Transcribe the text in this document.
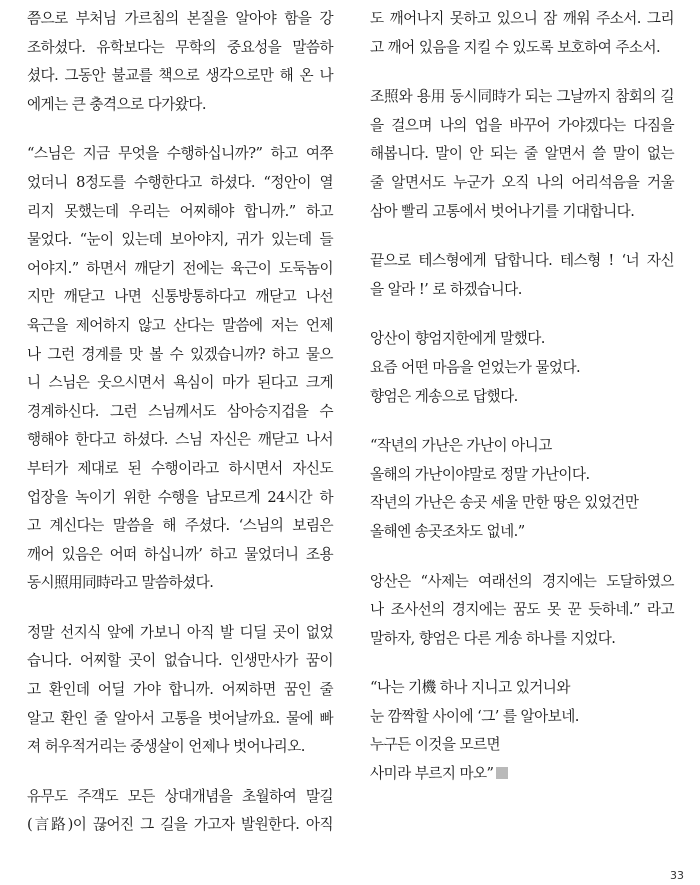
쯤으로 부처님 가르침의 본질을 알아야 함을 강
조하셨다. 유학보다는 무학의 중요성을 말씀하
셨다. 그동안 불교를 책으로 생각으로만 해 온 나
에게는 큰 충격으로 다가왔다.
“스님은 지금 무엇을 수행하십니까?” 하고 여쭈
었더니 8정도를 수행한다고 하셨다. “정안이 열
리지 못했는데 우리는 어찌해야 합니까.” 하고
물었다. “눈이 있는데 보아야지, 귀가 있는데 들
어야지.” 하면서 깨닫기 전에는 육근이 도둑놈이
지만 깨닫고 나면 신통방통하다고 깨닫고 나선
육근을 제어하지 않고 산다는 말씀에 저는 언제
나 그런 경계를 맛 볼 수 있겠습니까? 하고 물으
니 스님은 웃으시면서 욕심이 마가 된다고 크게
경계하신다. 그런 스님께서도 삼아승지겁을 수
행해야 한다고 하셨다. 스님 자신은 깨닫고 나서
부터가 제대로 된 수행이라고 하시면서 자신도
업장을 녹이기 위한 수행을 남모르게 24시간 하
고 계신다는 말씀을 해 주셨다. ‘스님의 보림은
깨어 있음은 어떠 하십니까’ 하고 물었더니 조용
동시照用同時라고 말씀하셨다.
정말 선지식 앞에 가보니 아직 발 디딜 곳이 없었
습니다. 어찌할 곳이 없습니다. 인생만사가 꿈이
고 환인데 어딜 가야 합니까. 어찌하면 꿈인 줄
알고 환인 줄 알아서 고통을 벗어날까요. 물에 빠
져 허우적거리는 중생살이 언제나 벗어나리오.
유무도 주객도 모든 상대개념을 초월하여 말길
(言路)이 끊어진 그 길을 가고자 발원한다. 아직
도 깨어나지 못하고 있으니 잠 깨워 주소서. 그리
고 깨어 있음을 지킬 수 있도록 보호하여 주소서.
조照와 용用 동시同時가 되는 그날까지 참회의 길
을 걸으며 나의 업을 바꾸어 가야겠다는 다짐을
해봅니다. 말이 안 되는 줄 알면서 쓸 말이 없는
줄 알면서도 누군가 오직 나의 어리석음을 거울
삼아 빨리 고통에서 벗어나기를 기대합니다.
끝으로 테스형에게 답합니다. 테스형 ! ‘너 자신
을 알라 !’ 로 하겠습니다.
앙산이 향엄지한에게 말했다.
요즘 어떤 마음을 얻었는가 물었다.
향엄은 게송으로 답했다.
“작년의 가난은 가난이 아니고
올해의 가난이야말로 정말 가난이다.
작년의 가난은 송곳 세울 만한 땅은 있었건만
올해엔 송곳조차도 없네.”
앙산은 “사제는 여래선의 경지에는 도달하였으
나 조사선의 경지에는 꿈도 못 꾼 듯하네.” 라고
말하자, 향엄은 다른 게송 하나를 지었다.
“나는 기機 하나 지니고 있거니와
눈 깜짝할 사이에 ‘그’ 를 알아보네.
누구든 이것을 모르면
사미라 부르지 마오”
33
